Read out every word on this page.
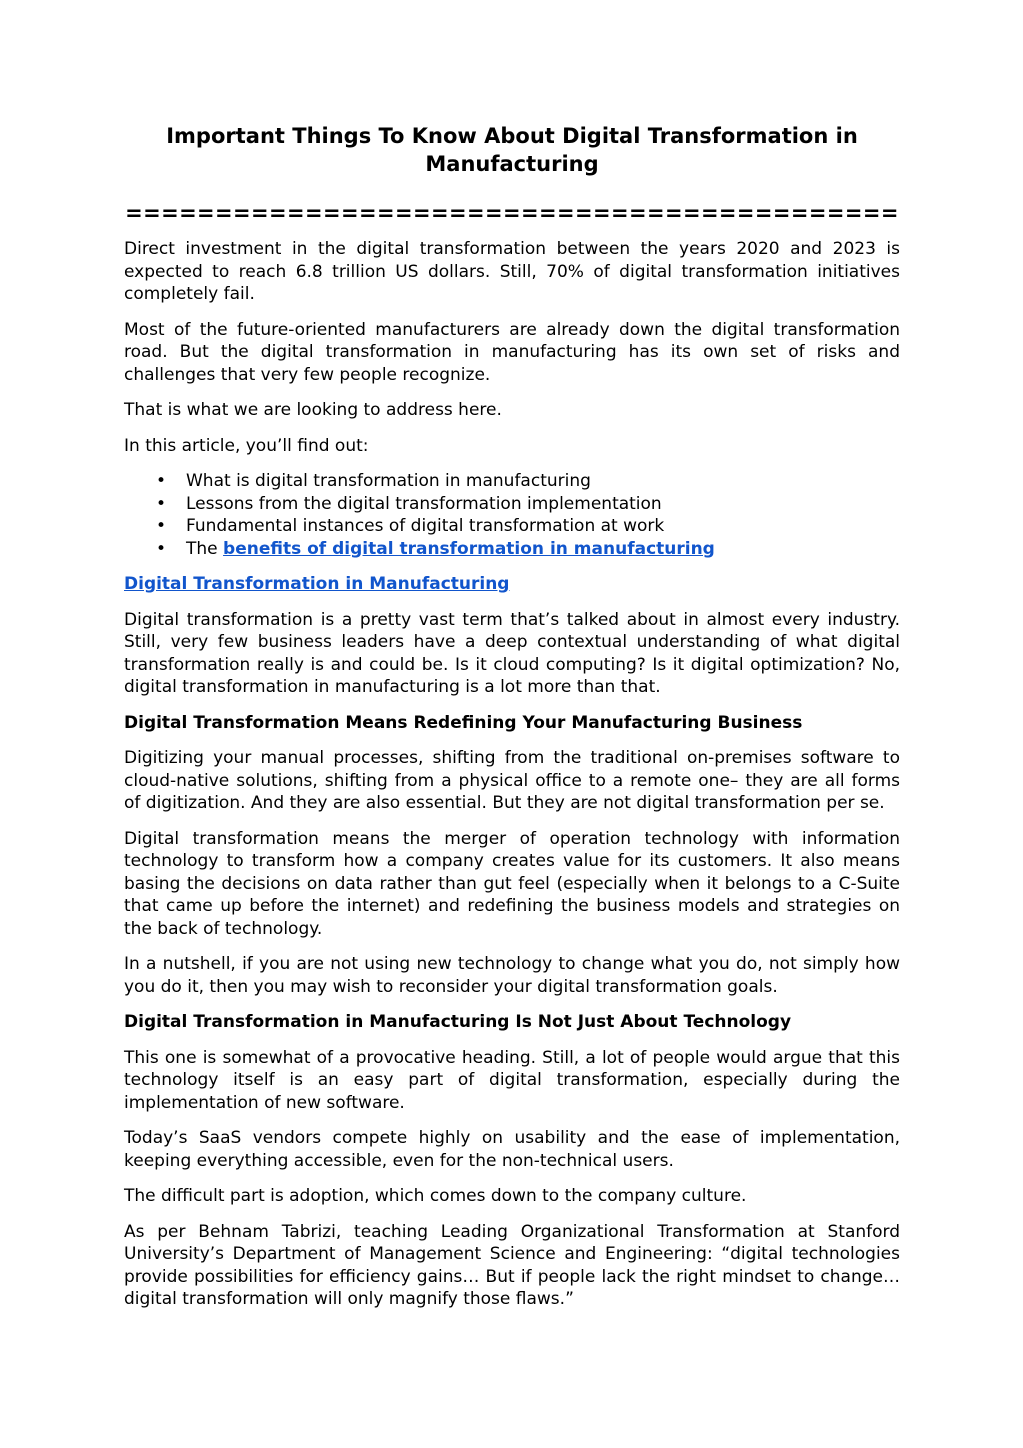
Important Things To Know About Digital Transformation in Manufacturing
===========================================

Direct investment in the digital transformation between the years 2020 and 2023 is expected to reach 6.8 trillion US dollars. Still, 70% of digital transformation initiatives completely fail.

Most of the future-oriented manufacturers are already down the digital transformation road. But the digital transformation in manufacturing has its own set of risks and challenges that very few people recognize.

That is what we are looking to address here.

In this article, you’ll find out:

• What is digital transformation in manufacturing
• Lessons from the digital transformation implementation
• Fundamental instances of digital transformation at work
• The benefits of digital transformation in manufacturing

Digital Transformation in Manufacturing

Digital transformation is a pretty vast term that’s talked about in almost every industry. Still, very few business leaders have a deep contextual understanding of what digital transformation really is and could be. Is it cloud computing? Is it digital optimization? No, digital transformation in manufacturing is a lot more than that.

Digital Transformation Means Redefining Your Manufacturing Business

Digitizing your manual processes, shifting from the traditional on-premises software to cloud-native solutions, shifting from a physical office to a remote one– they are all forms of digitization. And they are also essential. But they are not digital transformation per se.

Digital transformation means the merger of operation technology with information technology to transform how a company creates value for its customers. It also means basing the decisions on data rather than gut feel (especially when it belongs to a C-Suite that came up before the internet) and redefining the business models and strategies on the back of technology.

In a nutshell, if you are not using new technology to change what you do, not simply how you do it, then you may wish to reconsider your digital transformation goals.

Digital Transformation in Manufacturing Is Not Just About Technology

This one is somewhat of a provocative heading. Still, a lot of people would argue that this technology itself is an easy part of digital transformation, especially during the implementation of new software.

Today’s SaaS vendors compete highly on usability and the ease of implementation, keeping everything accessible, even for the non-technical users.

The difficult part is adoption, which comes down to the company culture.

As per Behnam Tabrizi, teaching Leading Organizational Transformation at Stanford University’s Department of Management Science and Engineering: “digital technologies provide possibilities for efficiency gains… But if people lack the right mindset to change… digital transformation will only magnify those flaws.”
